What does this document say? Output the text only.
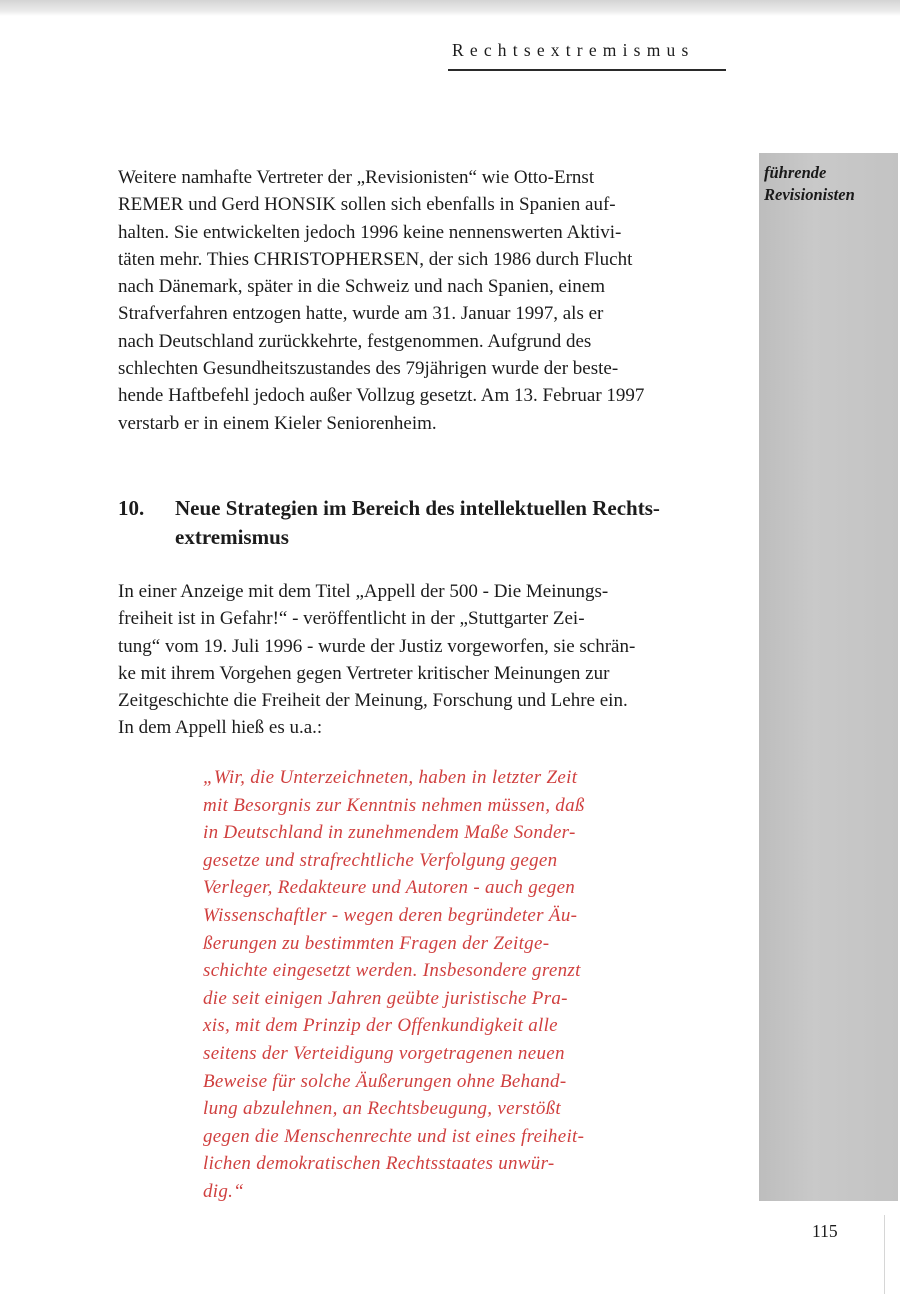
Rechtsextremismus
führende
Revisionisten

Weitere namhafte Vertreter der „Revisionisten“ wie Otto-Ernst
REMER und Gerd HONSIK sollen sich ebenfalls in Spanien auf-
halten. Sie entwickelten jedoch 1996 keine nennenswerten Aktivi-
täten mehr. Thies CHRISTOPHERSEN, der sich 1986 durch Flucht
nach Dänemark, später in die Schweiz und nach Spanien, einem
Strafverfahren entzogen hatte, wurde am 31. Januar 1997, als er
nach Deutschland zurückkehrte, festgenommen. Aufgrund des
schlechten Gesundheitszustandes des 79jährigen wurde der beste-
hende Haftbefehl jedoch außer Vollzug gesetzt. Am 13. Februar 1997
verstarb er in einem Kieler Seniorenheim.

10. Neue Strategien im Bereich des intellektuellen Rechts-
extremismus

In einer Anzeige mit dem Titel „Appell der 500 - Die Meinungs-
freiheit ist in Gefahr!“ - veröffentlicht in der „Stuttgarter Zei-
tung“ vom 19. Juli 1996 - wurde der Justiz vorgeworfen, sie schrän-
ke mit ihrem Vorgehen gegen Vertreter kritischer Meinungen zur
Zeitgeschichte die Freiheit der Meinung, Forschung und Lehre ein.
In dem Appell hieß es u.a.:

„Wir, die Unterzeichneten, haben in letzter Zeit
mit Besorgnis zur Kenntnis nehmen müssen, daß
in Deutschland in zunehmendem Maße Sonder-
gesetze und strafrechtliche Verfolgung gegen
Verleger, Redakteure und Autoren - auch gegen
Wissenschaftler - wegen deren begründeter Äu-
ßerungen zu bestimmten Fragen der Zeitge-
schichte eingesetzt werden. Insbesondere grenzt
die seit einigen Jahren geübte juristische Pra-
xis, mit dem Prinzip der Offenkundigkeit alle
seitens der Verteidigung vorgetragenen neuen
Beweise für solche Äußerungen ohne Behand-
lung abzulehnen, an Rechtsbeugung, verstößt
gegen die Menschenrechte und ist eines freiheit-
lichen demokratischen Rechtsstaates unwür-
dig.“

115
